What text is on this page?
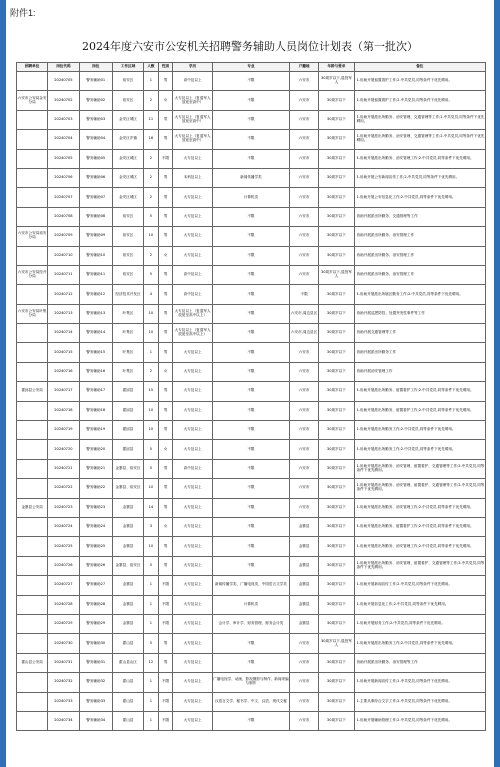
附件1:
2024年度六安市公安机关招聘警务辅助人员岗位计划表（第一批次）
招聘单位	岗位代码	岗位	工作区域	人数	性别	学历	专业	户籍地	年龄与要求	备注
	20240705	警务辅助01	裕安区	1	男	高中及以上	不限	六安市	30周岁以下,退役军人	1.协助开展留置看护工作;2.中共党员,同等条件下优先聘用。
六安市公安局金安分局	20240702	警务辅助02	裕安区	2	女	大专及以上（复退军人放宽至高中）	不限	六安市	30周岁以下	1.协助开展留置看护工作;2.中共党员,同等条件下优先聘用。
	20240703	警务辅助03	金安区城区	11	男	大专及以上（复退军人放宽至高中）	不限	六安市	30周岁以下	1.协助开展派出所勤务、治安管理、交通管理等工作;2.中共党员,同等条件下优先聘用。
	20240704	警务辅助04	金安区乡镇	16	男	大专及以上（复退军人放宽至高中）	不限	六安市	30周岁以下	1.协助开展派出所勤务、治安管理、交通管理等工作;2.中共党员,同等条件下优先聘用。
	20240705	警务辅助05	金安区城区	2	不限	大专及以上	不限	六安市	30周岁以下	1.协助开展派出所勤务、治安管理工作;2.中共党员,同等条件下优先聘用。
	20240706	警务辅助06	金安区城区	2	男	本科及以上	新闻传播学类	六安市	30周岁以下	1.协助开展公安新闻宣传工作;2.中共党员,同等条件下优先聘用。
	20240707	警务辅助07	金安区城区	2	男	大专及以上	计算机类	六安市	30周岁以下	1.协助开展公安信息化工作;2.中共党员,同等条件下优先聘用。
	20240708	警务辅助08	裕安区	5	男	大专及以上	不限	六安市	30周岁以下	协助开展派出所勤务、交通管理等工作
六安市公安局裕安分局	20240709	警务辅助09	裕安区	10	男	大专及以上	不限	六安市	30周岁以下	协助开展派出所勤务、治安管理工作
	20240710	警务辅助10	裕安区	2	女	大专及以上	不限	六安市	30周岁以下	协助开展派出所勤务、治安管理工作
六安市公安局经开分局	20240711	警务辅助11	裕安区	5	男	高中及以上	不限	六安市	30周岁以下,退役军人	协助开展派出所勤务、治安管理工作
	20240712	警务辅助12	经济技术开发区	4	男	高中及以上	不限	不限	30周岁以下	1.协助开展派出所辖区勤务工作;2.中共党员,同等条件下优先聘用。
六安市公安局叶集分局	20240713	警务辅助13	叶集区	10	男	大专及以上（复退军人放宽至高中以上）	不限	六安市,周边县区	30周岁以下	协助开展巡逻防控、处置突发性事件等工作
	20240714	警务辅助14	叶集区	10	男	大专及以上（复退军人放宽至高中以上）	不限	六安市,周边县区	30周岁以下	协助开展交通管理等工作
	20240715	警务辅助15	叶集区	1	男	大专及以上	不限	六安市	30周岁以下	协助开展派出所勤务工作
	20240716	警务辅助16	叶集区	2	女	大专及以上	不限	六安市	30周岁以下	协助开展治安管理工作
霍邱县公安局	20240717	警务辅助17	霍邱县	15	男	大专及以上	不限	六安市	30周岁以下	1.协助开展派出所勤务、留置看护工作;2.中共党员,同等条件下优先聘用。
	20240718	警务辅助18	霍邱县	10	男	大专及以上	不限	六安市	30周岁以下	1.协助开展派出所勤务、留置看护工作;2.中共党员,同等条件下优先聘用。
	20240719	警务辅助19	霍邱县	10	男	大专及以上	不限	六安市	30周岁以下	1.协助开展派出所勤务工作;2.中共党员,同等条件下优先聘用。
	20240720	警务辅助20	霍邱县	5	女	大专及以上	不限	六安市	30周岁以下	1.协助开展派出所勤务工作;2.中共党员,同等条件下优先聘用。
	20240721	警务辅助21	金寨县、裕安区	5	男	高中及以上	不限	六安市	30周岁以下	1.协助开展派出所勤务、治安管理、留置看护、交通管理等工作;2.中共党员,同等条件下优先聘用。
	20240722	警务辅助22	金寨县、裕安区	10	男	大专及以上	不限	六安市	30周岁以下	1.协助开展派出所勤务、治安管理、留置看护、交通管理等工作;2.中共党员,同等条件下优先聘用。
金寨县公安局	20240723	警务辅助23	金寨县	14	男	大专及以上	不限	六安市	30周岁以下	1.协助开展派出所勤务、治安管理工作;2.中共党员,同等条件下优先聘用。
	20240724	警务辅助24	金寨县	3	女	大专及以上	不限	金寨县	30周岁以下	1.协助开展派出所勤务、留置看护工作;2.中共党员,同等条件下优先聘用。
	20240725	警务辅助25	金寨县	10	男	大专及以上	不限	金寨县	30周岁以下	1.协助开展派出所勤务、治安管理工作;2.中共党员,同等条件下优先聘用。
	20240726	警务辅助26	金寨县、裕安区	5	男	大专及以上	不限	金寨县	30周岁以下	1.协助开展派出所勤务、治安管理、留置看护、交通管理等工作;2.中共党员,同等条件下优先聘用。
	20240727	警务辅助27	金寨县	1	不限	大专及以上	新闻传播学类、广播电视类、中国语言文学类	金寨县	30周岁以下	1.协助开展新闻宣传工作;2.中共党员,同等条件下优先聘用。
	20240728	警务辅助28	金寨县	1	不限	大专及以上	计算机类	金寨县	30周岁以下	1.协助开展信息化工作;2.中共党员,同等条件下优先聘用。
	20240729	警务辅助29	金寨县	1	不限	大专及以上	会计学、审计学、财务管理、财务会计类	金寨县	30周岁以下	1.协助开展财务工作;2.中共党员,同等条件下优先聘用。
	20240730	警务辅助30	霍山县	5	男	大专及以上	不限	六安市	30周岁以下,退役军人	1.协助开展派出所勤务工作;2.中共党员,同等条件下优先聘用。
霍山县公安局	20240731	警务辅助31	霍山县山区	12	男	大专及以上	不限	六安市	30周岁以下	协助开展派出所勤务、治安管理等工作
	20240732	警务辅助32	霍山县	1	不限	大专及以上	广播电视学、动画、影视摄影与制作、新闻采编与制作	六安市	30周岁以下	1.协助开展新闻宣传工作;2.中共党员,同等条件下优先聘用。
	20240733	警务辅助33	霍山县	1	不限	大专及以上	汉语言文学、秘书学、中文、汉语、现代文秘	六安市	30周岁以下	1.主要从事综合文字工作;2.中共党员,同等条件下优先聘用。
	20240734	警务辅助34	霍山县	1	不限	大专及以上	不限	六安市	30周岁以下	1.协助开展辅助管理工作;2.中共党员,同等条件下优先聘用。
